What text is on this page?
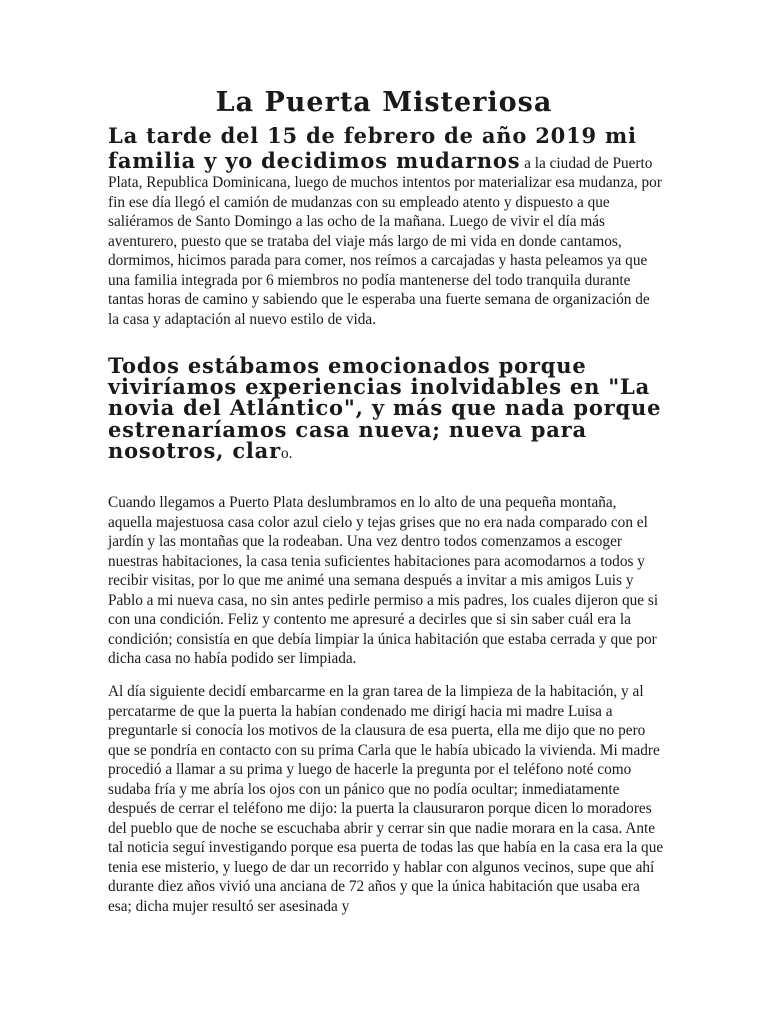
La Puerta Misteriosa

La tarde del 15 de febrero de año 2019 mi familia y yo decidimos mudarnos a la ciudad de Puerto Plata, Republica Dominicana, luego de muchos intentos por materializar esa mudanza, por fin ese día llegó el camión de mudanzas con su empleado atento y dispuesto a que saliéramos de Santo Domingo a las ocho de la mañana. Luego de vivir el día más aventurero, puesto que se trataba del viaje más largo de mi vida en donde cantamos, dormimos, hicimos parada para comer, nos reímos a carcajadas y hasta peleamos ya que una familia integrada por 6 miembros no podía mantenerse del todo tranquila durante tantas horas de camino y sabiendo que le esperaba una fuerte semana de organización de la casa y adaptación al nuevo estilo de vida.

Todos estábamos emocionados porque viviríamos experiencias inolvidables en "La novia del Atlántico", y más que nada porque estrenaríamos casa nueva; nueva para nosotros, claro.

Cuando llegamos a Puerto Plata deslumbramos en lo alto de una pequeña montaña, aquella majestuosa casa color azul cielo y tejas grises que no era nada comparado con el jardín y las montañas que la rodeaban. Una vez dentro todos comenzamos a escoger nuestras habitaciones, la casa tenia suficientes habitaciones para acomodarnos a todos y recibir visitas, por lo que me animé una semana después a invitar a mis amigos Luis y Pablo a mi nueva casa, no sin antes pedirle permiso a mis padres, los cuales dijeron que si con una condición. Feliz y contento me apresuré a decirles que si sin saber cuál era la condición; consistía en que debía limpiar la única habitación que estaba cerrada y que por dicha casa no había podido ser limpiada.

Al día siguiente decidí embarcarme en la gran tarea de la limpieza de la habitación, y al percatarme de que la puerta la habían condenado me dirigí hacia mi madre Luisa a preguntarle si conocía los motivos de la clausura de esa puerta, ella me dijo que no pero que se pondría en contacto con su prima Carla que le había ubicado la vivienda. Mi madre procedió a llamar a su prima y luego de hacerle la pregunta por el teléfono noté como sudaba fría y me abría los ojos con un pánico que no podía ocultar; inmediatamente después de cerrar el teléfono me dijo: la puerta la clausuraron porque dicen lo moradores del pueblo que de noche se escuchaba abrir y cerrar sin que nadie morara en la casa. Ante tal noticia seguí investigando porque esa puerta de todas las que había en la casa era la que tenia ese misterio, y luego de dar un recorrido y hablar con algunos vecinos, supe que ahí durante diez años vivió una anciana de 72 años y que la única habitación que usaba era esa; dicha mujer resultó ser asesinada y
